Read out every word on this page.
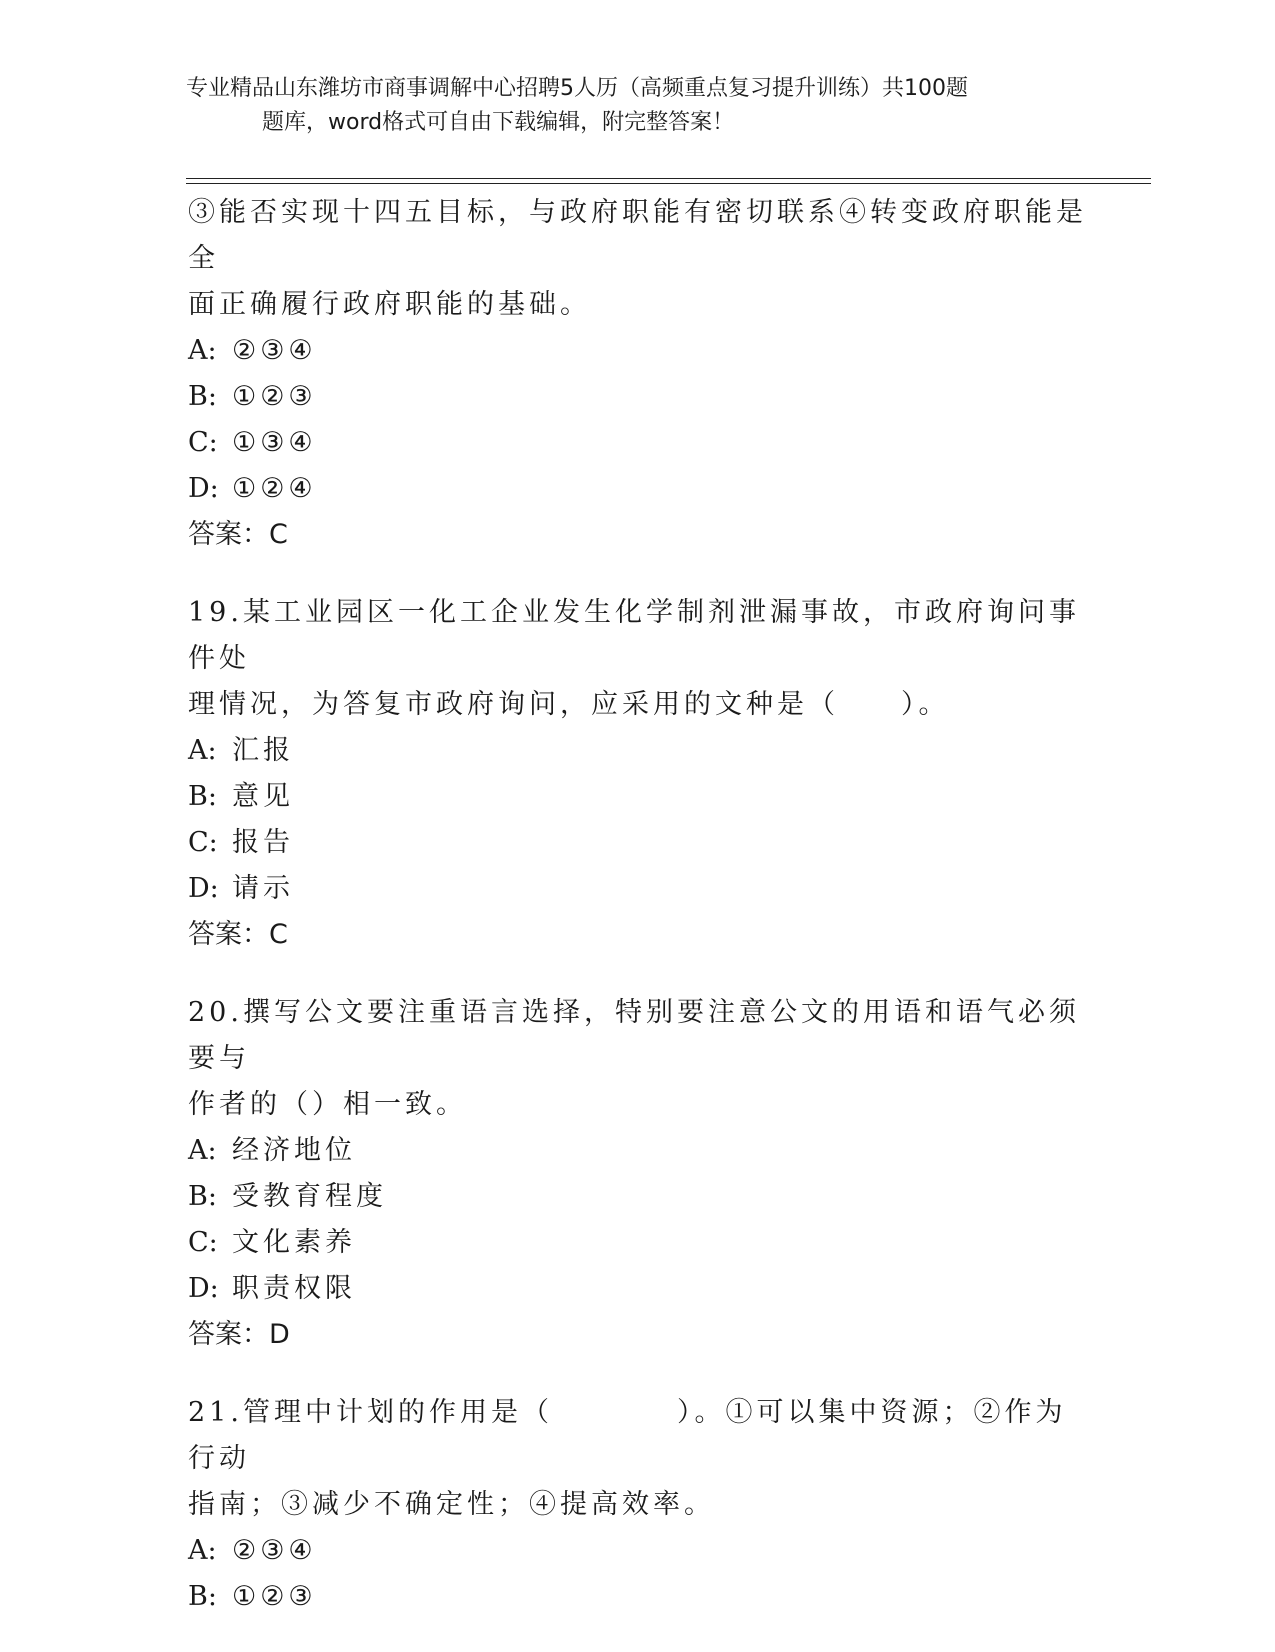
专业精品山东潍坊市商事调解中心招聘5人历（高频重点复习提升训练）共100题
题库，word格式可自由下载编辑，附完整答案！

③能否实现十四五目标，与政府职能有密切联系④转变政府职能是全

面正确履行政府职能的基础。

A: ②③④

B: ①②③

C: ①③④

D: ①②④

答案：C

19.某工业园区一化工企业发生化学制剂泄漏事故，市政府询问事件处

理情况，为答复市政府询问，应采用的文种是（　　）。

A: 汇报

B: 意见

C: 报告

D: 请示

答案：C

20.撰写公文要注重语言选择，特别要注意公文的用语和语气必须要与

作者的（）相一致。

A: 经济地位

B: 受教育程度

C: 文化素养

D: 职责权限

答案：D

21.管理中计划的作用是（　　　　）。①可以集中资源；②作为行动

指南；③减少不确定性；④提高效率。

A: ②③④

B: ①②③
